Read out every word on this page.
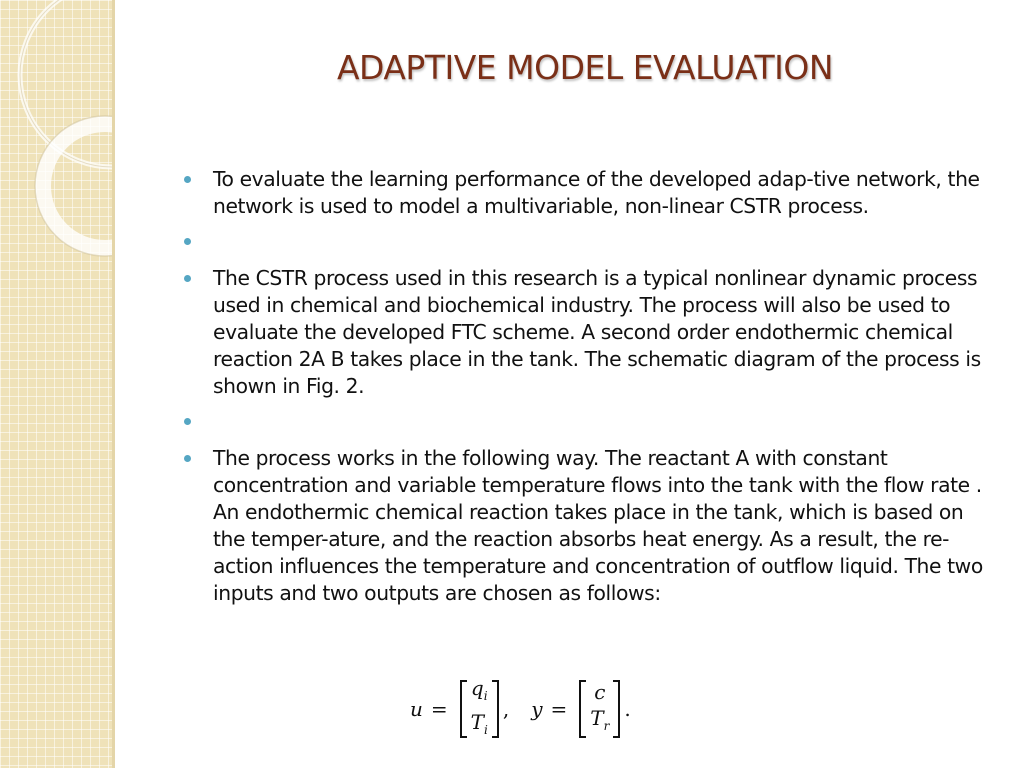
ADAPTIVE MODEL EVALUATION
To evaluate the learning performance of the developed adap-tive network, the network is used to model a multivariable, non-linear CSTR process.
The CSTR process used in this research is a typical nonlinear dynamic process used in chemical and biochemical industry. The process will also be used to evaluate the developed FTC scheme. A second order endothermic chemical reaction 2A B takes place in the tank. The schematic diagram of the process is shown in Fig. 2.
The process works in the following way. The reactant A with constant concentration and variable temperature flows into the tank with the flow rate . An endothermic chemical reaction takes place in the tank, which is based on the temper-ature, and the reaction absorbs heat energy. As a result, the re-action influences the temperature and concentration of outflow liquid. The two inputs and two outputs are chosen as follows:
u =
$q_i$
$T_i$
, y =
c
$T_r$
.
